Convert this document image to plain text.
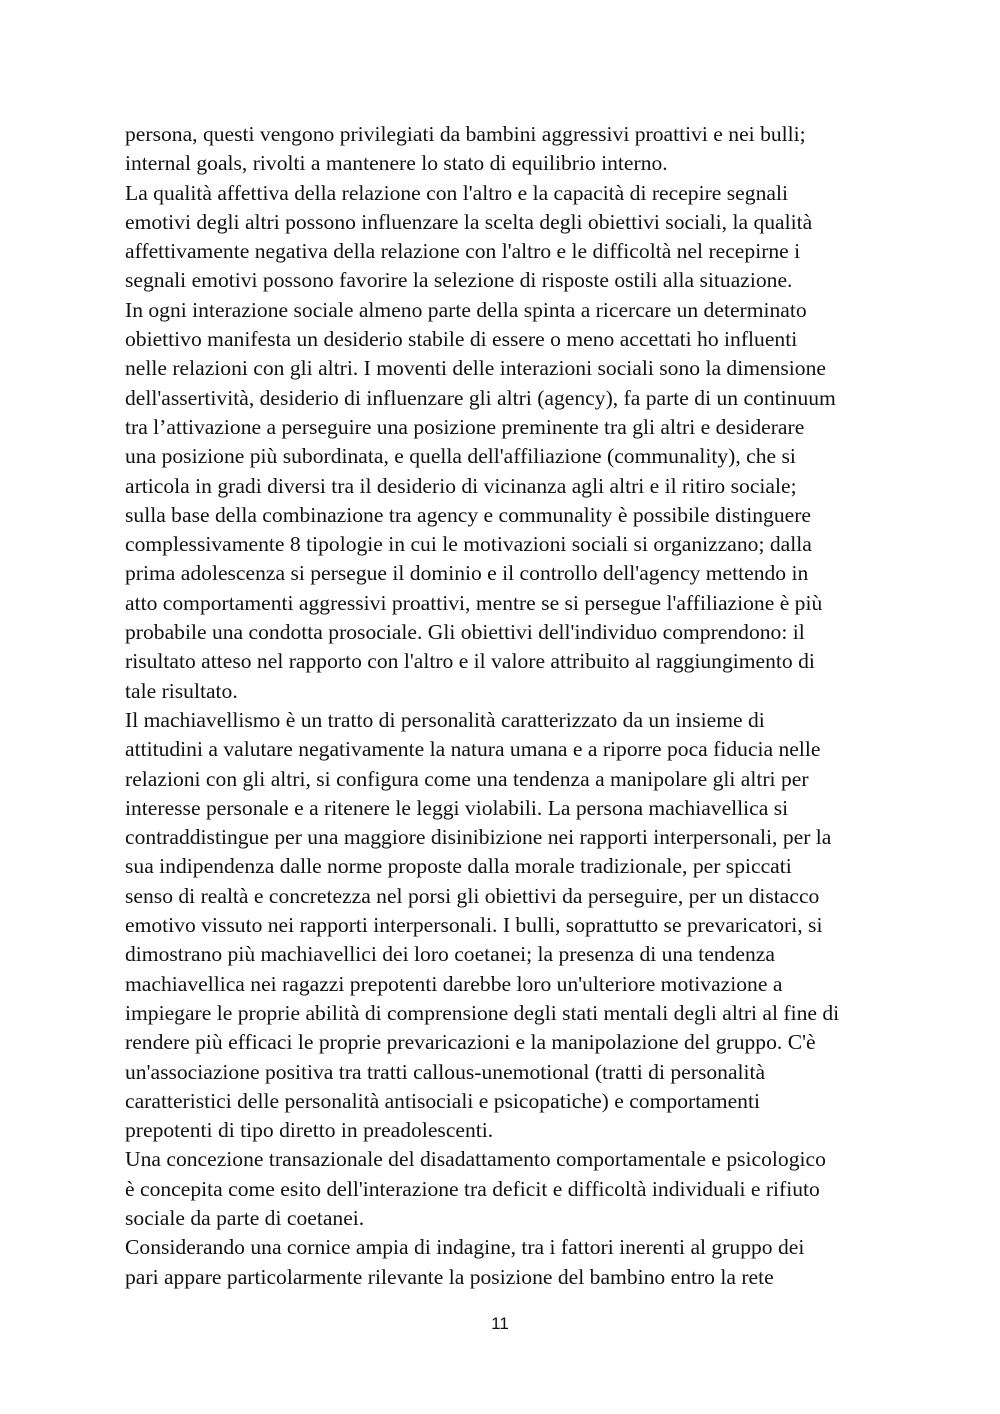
persona, questi vengono privilegiati da bambini aggressivi proattivi e nei bulli;
internal goals, rivolti a mantenere lo stato di equilibrio interno.
La qualità affettiva della relazione con l'altro e la capacità di recepire segnali
emotivi degli altri possono influenzare la scelta degli obiettivi sociali, la qualità
affettivamente negativa della relazione con l'altro e le difficoltà nel recepirne i
segnali emotivi possono favorire la selezione di risposte ostili alla situazione.
In ogni interazione sociale almeno parte della spinta a ricercare un determinato
obiettivo manifesta un desiderio stabile di essere o meno accettati ho influenti
nelle relazioni con gli altri. I moventi delle interazioni sociali sono la dimensione
dell'assertività, desiderio di influenzare gli altri (agency), fa parte di un continuum
tra l’attivazione a perseguire una posizione preminente tra gli altri e desiderare
una posizione più subordinata, e quella dell'affiliazione (communality), che si
articola in gradi diversi tra il desiderio di vicinanza agli altri e il ritiro sociale;
sulla base della combinazione tra agency e communality è possibile distinguere
complessivamente 8 tipologie in cui le motivazioni sociali si organizzano; dalla
prima adolescenza si persegue il dominio e il controllo dell'agency mettendo in
atto comportamenti aggressivi proattivi, mentre se si persegue l'affiliazione è più
probabile una condotta prosociale. Gli obiettivi dell'individuo comprendono: il
risultato atteso nel rapporto con l'altro e il valore attribuito al raggiungimento di
tale risultato.
Il machiavellismo è un tratto di personalità caratterizzato da un insieme di
attitudini a valutare negativamente la natura umana e a riporre poca fiducia nelle
relazioni con gli altri, si configura come una tendenza a manipolare gli altri per
interesse personale e a ritenere le leggi violabili. La persona machiavellica si
contraddistingue per una maggiore disinibizione nei rapporti interpersonali, per la
sua indipendenza dalle norme proposte dalla morale tradizionale, per spiccati
senso di realtà e concretezza nel porsi gli obiettivi da perseguire, per un distacco
emotivo vissuto nei rapporti interpersonali. I bulli, soprattutto se prevaricatori, si
dimostrano più machiavellici dei loro coetanei; la presenza di una tendenza
machiavellica nei ragazzi prepotenti darebbe loro un'ulteriore motivazione a
impiegare le proprie abilità di comprensione degli stati mentali degli altri al fine di
rendere più efficaci le proprie prevaricazioni e la manipolazione del gruppo. C'è
un'associazione positiva tra tratti callous-unemotional (tratti di personalità
caratteristici delle personalità antisociali e psicopatiche) e comportamenti
prepotenti di tipo diretto in preadolescenti.
Una concezione transazionale del disadattamento comportamentale e psicologico
è concepita come esito dell'interazione tra deficit e difficoltà individuali e rifiuto
sociale da parte di coetanei.
Considerando una cornice ampia di indagine, tra i fattori inerenti al gruppo dei
pari appare particolarmente rilevante la posizione del bambino entro la rete
11
